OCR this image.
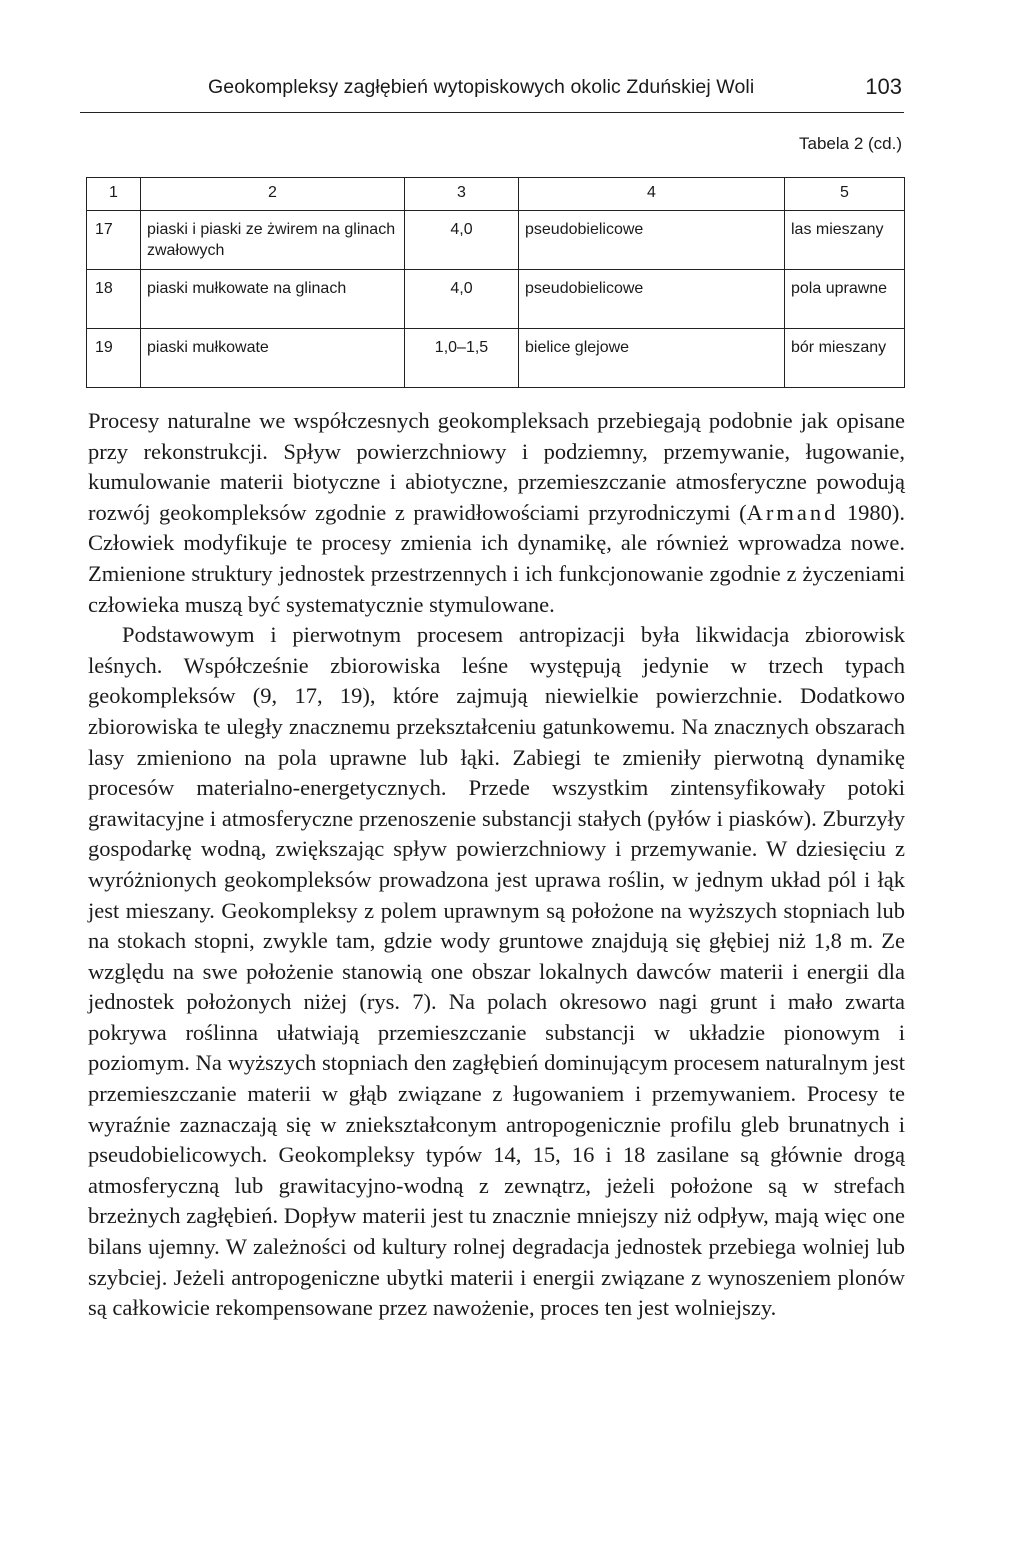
Geokompleksy zagłębień wytopiskowych okolic Zduńskiej Woli	103
Tabela 2 (cd.)
1	2	3	4	5
17	piaski i piaski ze żwirem na glinach zwałowych	4,0	pseudobielicowe	las mieszany
18	piaski mułkowate na glinach	4,0	pseudobielicowe	pola uprawne
19	piaski mułkowate	1,0–1,5	bielice glejowe	bór mieszany

Procesy naturalne we współczesnych geokompleksach przebiegają podobnie jak opisane przy rekonstrukcji. Spływ powierzchniowy i podziemny, przemywanie, ługowanie, kumulowanie materii biotyczne i abiotyczne, przemieszczanie atmosferyczne powodują rozwój geokompleksów zgodnie z prawidłowościami przyrodniczymi (Armand 1980). Człowiek modyfikuje te procesy zmienia ich dynamikę, ale również wprowadza nowe. Zmienione struktury jednostek przestrzennych i ich funkcjonowanie zgodnie z życzeniami człowieka muszą być systematycznie stymulowane.

Podstawowym i pierwotnym procesem antropizacji była likwidacja zbiorowisk leśnych. Współcześnie zbiorowiska leśne występują jedynie w trzech typach geokompleksów (9, 17, 19), które zajmują niewielkie powierzchnie. Dodatkowo zbiorowiska te uległy znacznemu przekształceniu gatunkowemu. Na znacznych obszarach lasy zmieniono na pola uprawne lub łąki. Zabiegi te zmieniły pierwotną dynamikę procesów materialno-energetycznych. Przede wszystkim zintensyfikowały potoki grawitacyjne i atmosferyczne przenoszenie substancji stałych (pyłów i piasków). Zburzyły gospodarkę wodną, zwiększając spływ powierzchniowy i przemywanie. W dziesięciu z wyróżnionych geokompleksów prowadzona jest uprawa roślin, w jednym układ pól i łąk jest mieszany. Geokompleksy z polem uprawnym są położone na wyższych stopniach lub na stokach stopni, zwykle tam, gdzie wody gruntowe znajdują się głębiej niż 1,8 m. Ze względu na swe położenie stanowią one obszar lokalnych dawców materii i energii dla jednostek położonych niżej (rys. 7). Na polach okresowo nagi grunt i mało zwarta pokrywa roślinna ułatwiają przemieszczanie substancji w układzie pionowym i poziomym. Na wyższych stopniach den zagłębień dominującym procesem naturalnym jest przemieszczanie materii w głąb związane z ługowaniem i przemywaniem. Procesy te wyraźnie zaznaczają się w zniekształconym antropogenicznie profilu gleb brunatnych i pseudobielicowych. Geokompleksy typów 14, 15, 16 i 18 zasilane są głównie drogą atmosferyczną lub grawitacyjno-wodną z zewnątrz, jeżeli położone są w strefach brzeżnych zagłębień. Dopływ materii jest tu znacznie mniejszy niż odpływ, mają więc one bilans ujemny. W zależności od kultury rolnej degradacja jednostek przebiega wolniej lub szybciej. Jeżeli antropogeniczne ubytki materii i energii związane z wynoszeniem plonów są całkowicie rekompensowane przez nawożenie, proces ten jest wolniejszy.
